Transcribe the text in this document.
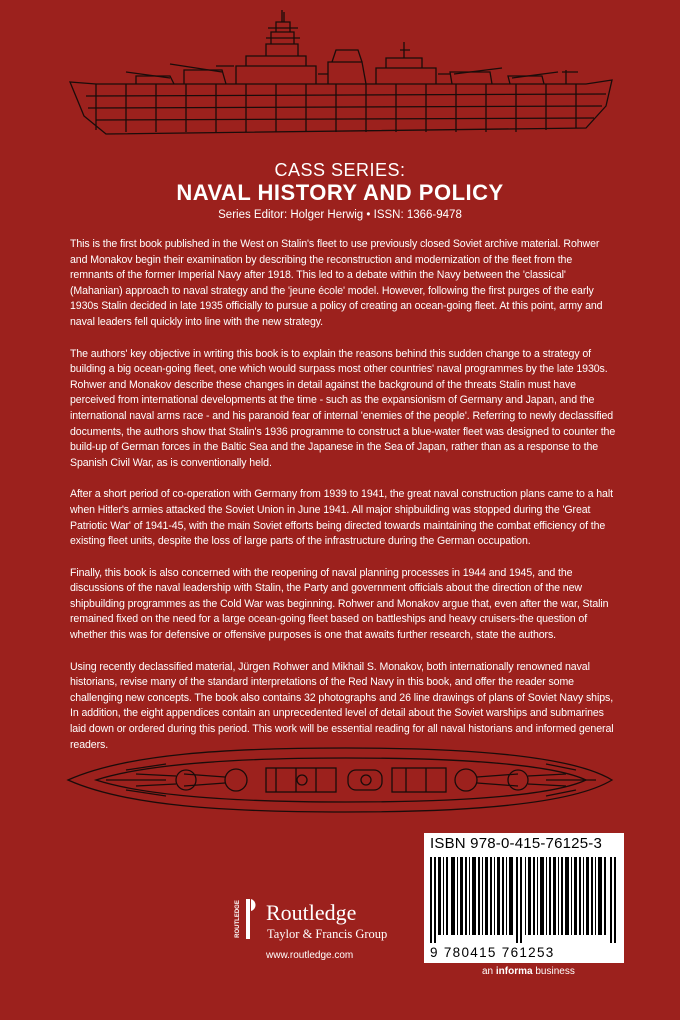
CASS SERIES:
NAVAL HISTORY AND POLICY
Series Editor: Holger Herwig • ISSN: 1366-9478

This is the first book published in the West on Stalin's fleet to use previously closed Soviet archive material. Rohwer and Monakov begin their examination by describing the reconstruction and modernization of the fleet from the remnants of the former Imperial Navy after 1918. This led to a debate within the Navy between the 'classical' (Mahanian) approach to naval strategy and the 'jeune école' model. However, following the first purges of the early 1930s Stalin decided in late 1935 officially to pursue a policy of creating an ocean-going fleet. At this point, army and naval leaders fell quickly into line with the new strategy.

The authors' key objective in writing this book is to explain the reasons behind this sudden change to a strategy of building a big ocean-going fleet, one which would surpass most other countries' naval programmes by the late 1930s. Rohwer and Monakov describe these changes in detail against the background of the threats Stalin must have perceived from international developments at the time - such as the expansionism of Germany and Japan, and the international naval arms race - and his paranoid fear of internal 'enemies of the people'. Referring to newly declassified documents, the authors show that Stalin's 1936 programme to construct a blue-water fleet was designed to counter the build-up of German forces in the Baltic Sea and the Japanese in the Sea of Japan, rather than as a response to the Spanish Civil War, as is conventionally held.

After a short period of co-operation with Germany from 1939 to 1941, the great naval construction plans came to a halt when Hitler's armies attacked the Soviet Union in June 1941. All major shipbuilding was stopped during the 'Great Patriotic War' of 1941-45, with the main Soviet efforts being directed towards maintaining the combat efficiency of the existing fleet units, despite the loss of large parts of the infrastructure during the German occupation.

Finally, this book is also concerned with the reopening of naval planning processes in 1944 and 1945, and the discussions of the naval leadership with Stalin, the Party and government officials about the direction of the new shipbuilding programmes as the Cold War was beginning. Rohwer and Monakov argue that, even after the war, Stalin remained fixed on the need for a large ocean-going fleet based on battleships and heavy cruisers-the question of whether this was for defensive or offensive purposes is one that awaits further research, state the authors.

Using recently declassified material, Jürgen Rohwer and Mikhail S. Monakov, both internationally renowned naval historians, revise many of the standard interpretations of the Red Navy in this book, and offer the reader some challenging new concepts. The book also contains 32 photographs and 26 line drawings of plans of Soviet Navy ships, In addition, the eight appendices contain an unprecedented level of detail about the Soviet warships and submarines laid down or ordered during this period. This work will be essential reading for all naval historians and informed general readers.

ISBN 978-0-415-76125-3
9 780415 761253
ROUTLEDGE Routledge
Taylor & Francis Group
www.routledge.com
an informa business
